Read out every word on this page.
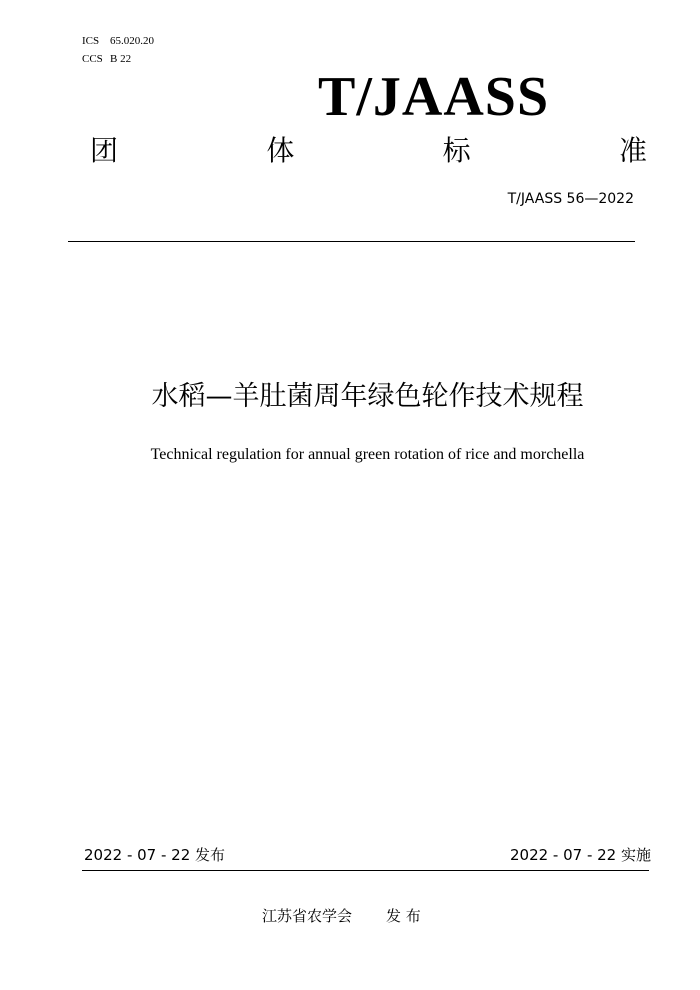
ICS 65.020.20
CCS B 22
T/JAASS
团	体	标	准
T/JAASS 56—2022
水稻—羊肚菌周年绿色轮作技术规程
Technical regulation for annual green rotation of rice and morchella
2022 - 07 - 22 发布	2022 - 07 - 22 实施
江苏省农学会 发 布
